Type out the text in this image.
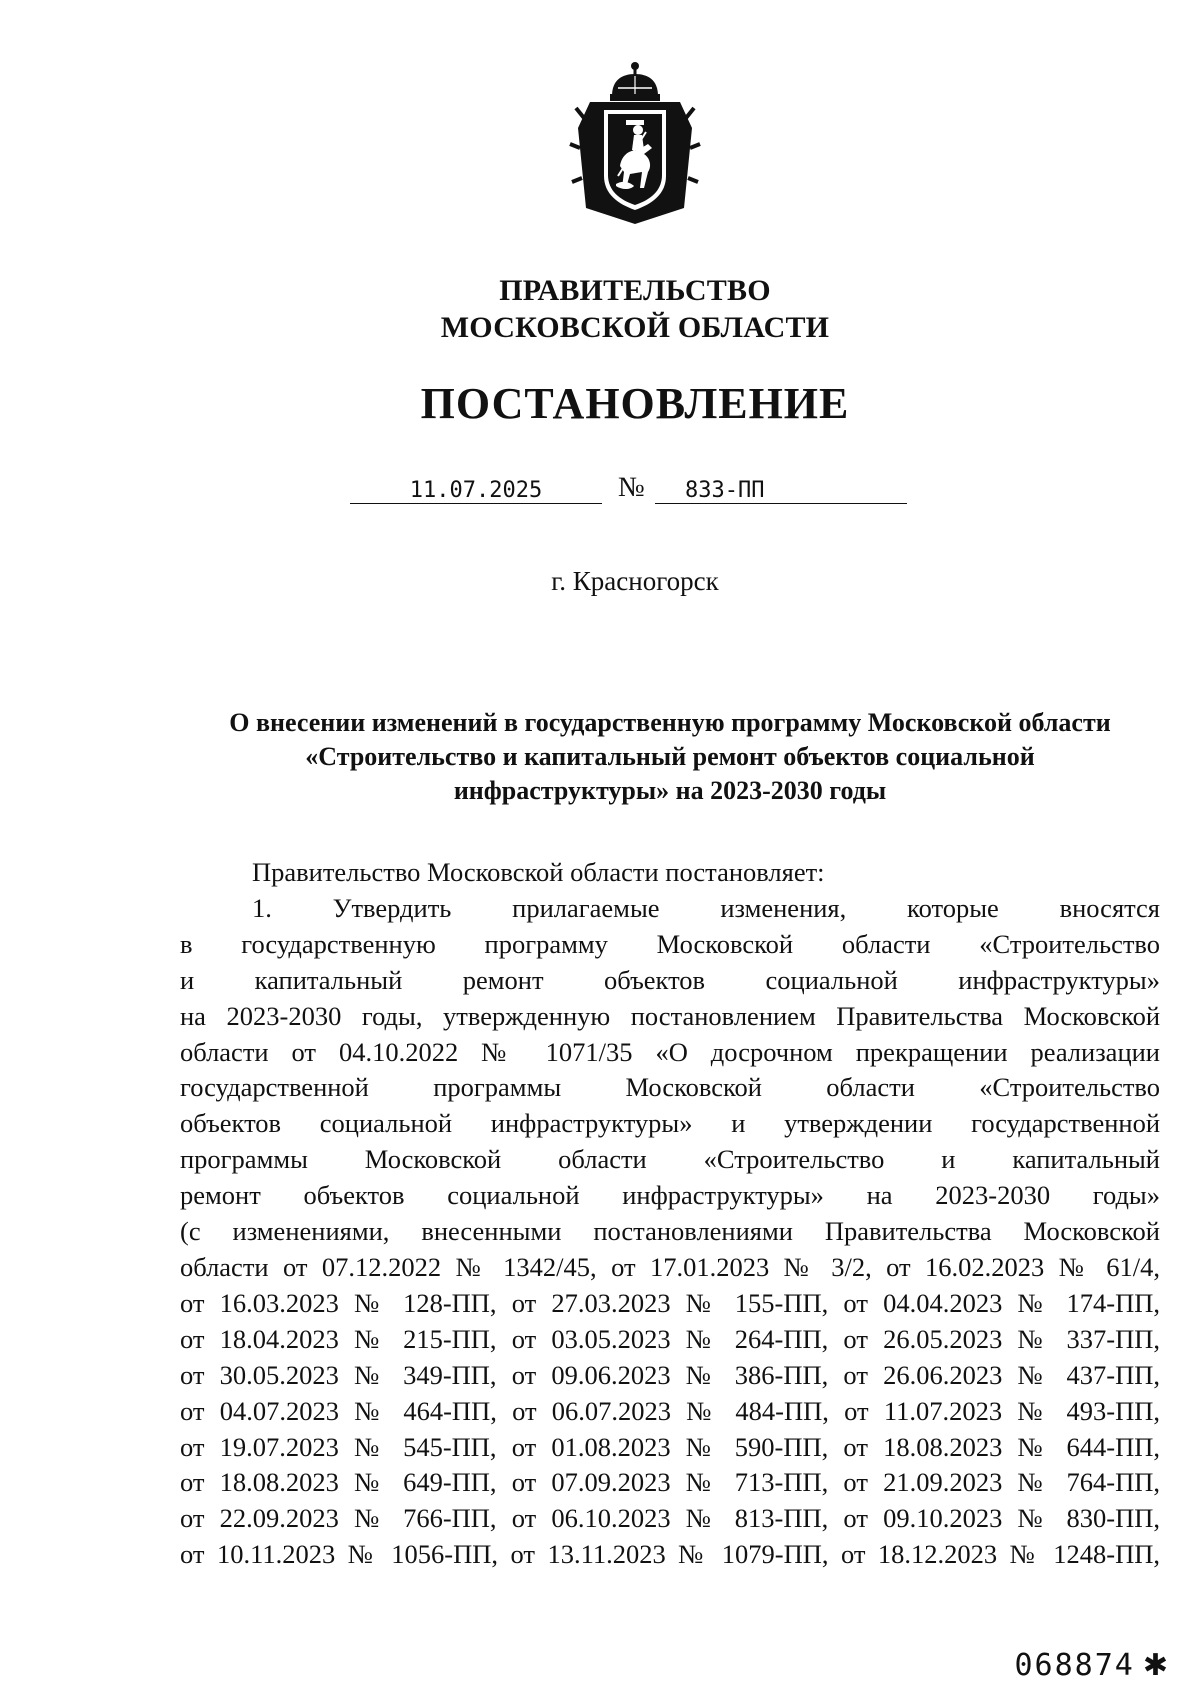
ПРАВИТЕЛЬСТВО
МОСКОВСКОЙ ОБЛАСТИ
ПОСТАНОВЛЕНИЕ
11.07.2025	№	833-ПП
г. Красногорск
О внесении изменений в государственную программу Московской области
«Строительство и капитальный ремонт объектов социальной
инфраструктуры» на 2023-2030 годы

Правительство Московской области постановляет:

1. Утвердить прилагаемые изменения, которые вносятся
в государственную программу Московской области «Строительство
и капитальный ремонт объектов социальной инфраструктуры»
на 2023-2030 годы, утвержденную постановлением Правительства Московской
области от 04.10.2022 № 1071/35 «О досрочном прекращении реализации
государственной программы Московской области «Строительство
объектов социальной инфраструктуры» и утверждении государственной
программы Московской области «Строительство и капитальный
ремонт объектов социальной инфраструктуры» на 2023-2030 годы»
(с изменениями, внесенными постановлениями Правительства Московской
области от 07.12.2022 № 1342/45, от 17.01.2023 № 3/2, от 16.02.2023 № 61/4,
от 16.03.2023 № 128-ПП, от 27.03.2023 № 155-ПП, от 04.04.2023 № 174-ПП,
от 18.04.2023 № 215-ПП, от 03.05.2023 № 264-ПП, от 26.05.2023 № 337-ПП,
от 30.05.2023 № 349-ПП, от 09.06.2023 № 386-ПП, от 26.06.2023 № 437-ПП,
от 04.07.2023 № 464-ПП, от 06.07.2023 № 484-ПП, от 11.07.2023 № 493-ПП,
от 19.07.2023 № 545-ПП, от 01.08.2023 № 590-ПП, от 18.08.2023 № 644-ПП,
от 18.08.2023 № 649-ПП, от 07.09.2023 № 713-ПП, от 21.09.2023 № 764-ПП,
от 22.09.2023 № 766-ПП, от 06.10.2023 № 813-ПП, от 09.10.2023 № 830-ПП,
от 10.11.2023 № 1056-ПП, от 13.11.2023 № 1079-ПП, от 18.12.2023 № 1248-ПП,
068874 ✱
